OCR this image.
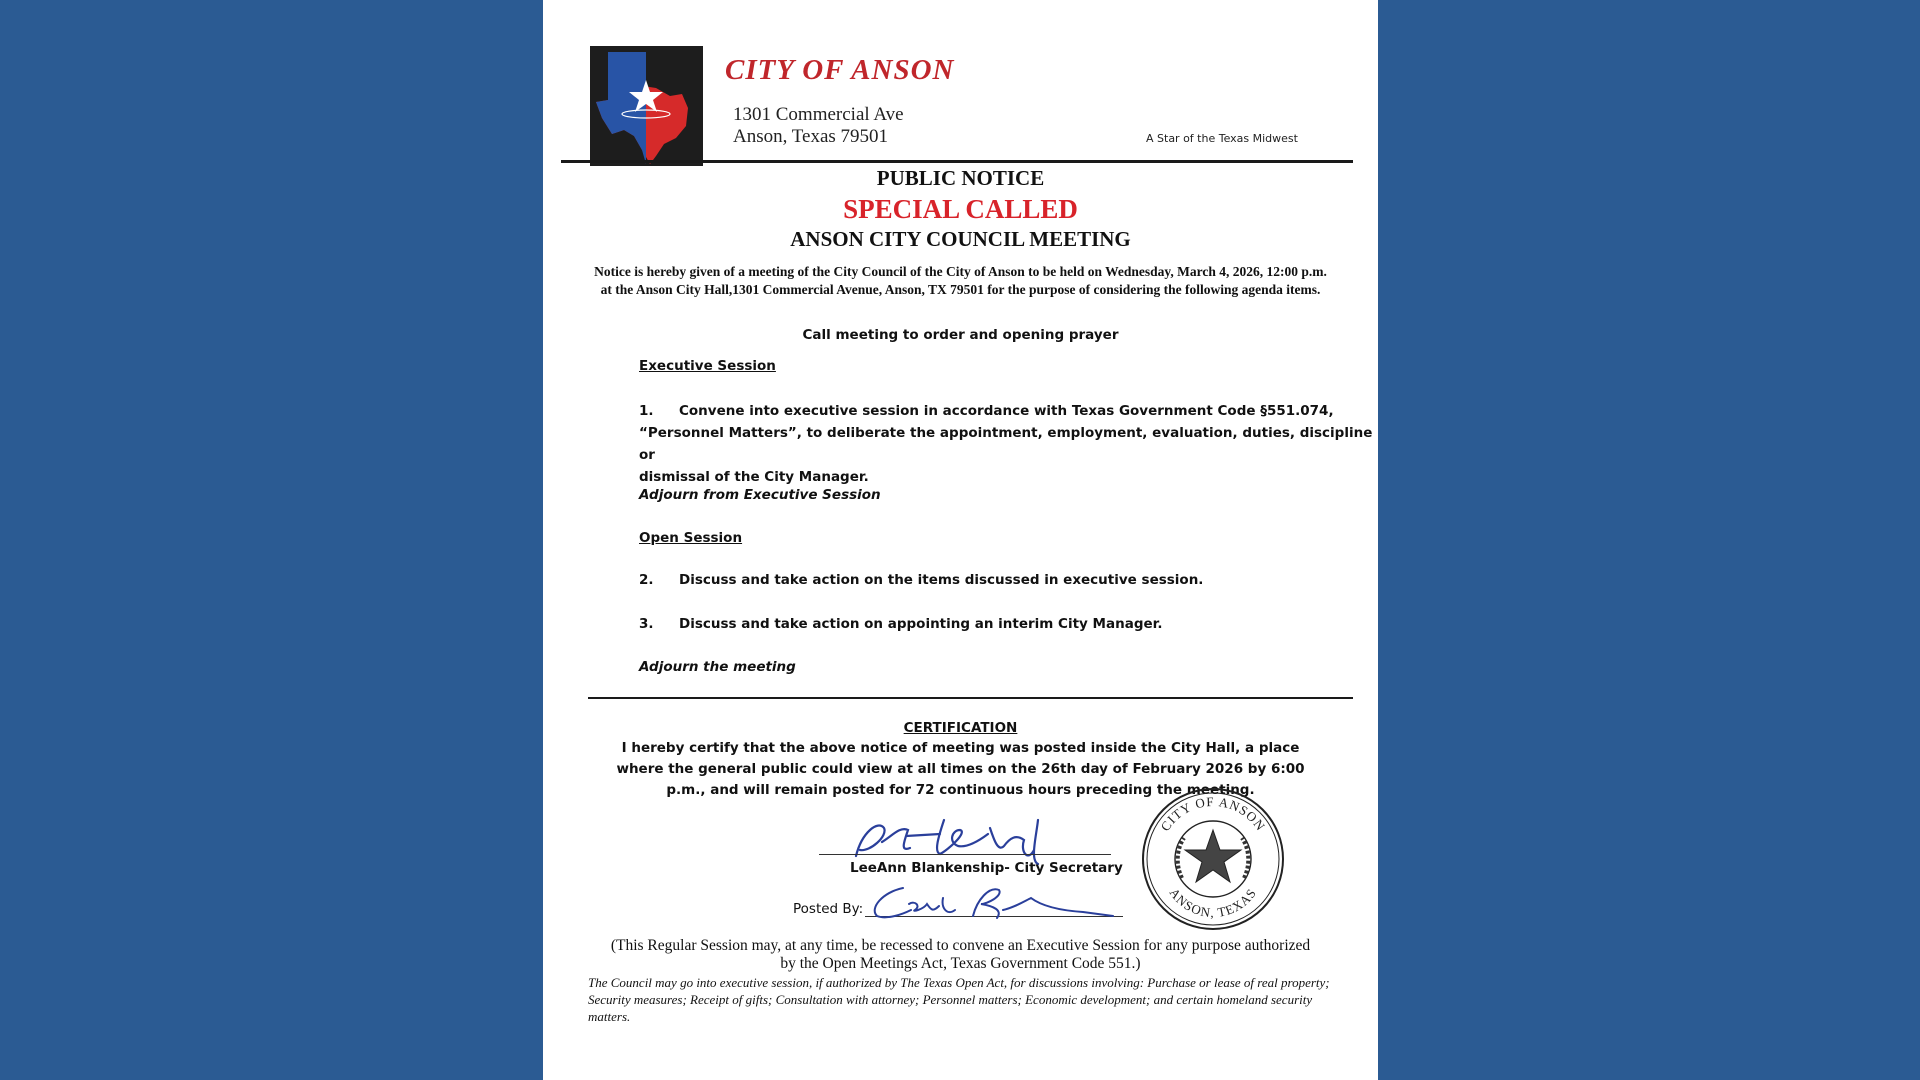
CITY OF ANSON
1301 Commercial Ave
Anson, Texas 79501	A Star of the Texas Midwest
PUBLIC NOTICE
SPECIAL CALLED
ANSON CITY COUNCIL MEETING
Notice is hereby given of a meeting of the City Council of the City of Anson to be held on Wednesday, March 4, 2026, 12:00 p.m. at the Anson City Hall,1301 Commercial Avenue, Anson, TX 79501 for the purpose of considering the following agenda items.
Call meeting to order and opening prayer
Executive Session
1. Convene into executive session in accordance with Texas Government Code §551.074,
“Personnel Matters”, to deliberate the appointment, employment, evaluation, duties, discipline or
dismissal of the City Manager.
Adjourn from Executive Session
Open Session
2. Discuss and take action on the items discussed in executive session.
3. Discuss and take action on appointing an interim City Manager.
Adjourn the meeting
CERTIFICATION
I hereby certify that the above notice of meeting was posted inside the City Hall, a place where the general public could view at all times on the 26th day of February 2026 by 6:00 p.m., and will remain posted for 72 continuous hours preceding the meeting.
LeeAnn Blankenship- City Secretary
Posted By:
CITY OF ANSON
ANSON, TEXAS
(This Regular Session may, at any time, be recessed to convene an Executive Session for any purpose authorized by the Open Meetings Act, Texas Government Code 551.)
The Council may go into executive session, if authorized by The Texas Open Act, for discussions involving: Purchase or lease of real property; Security measures; Receipt of gifts; Consultation with attorney; Personnel matters; Economic development; and certain homeland security matters.
